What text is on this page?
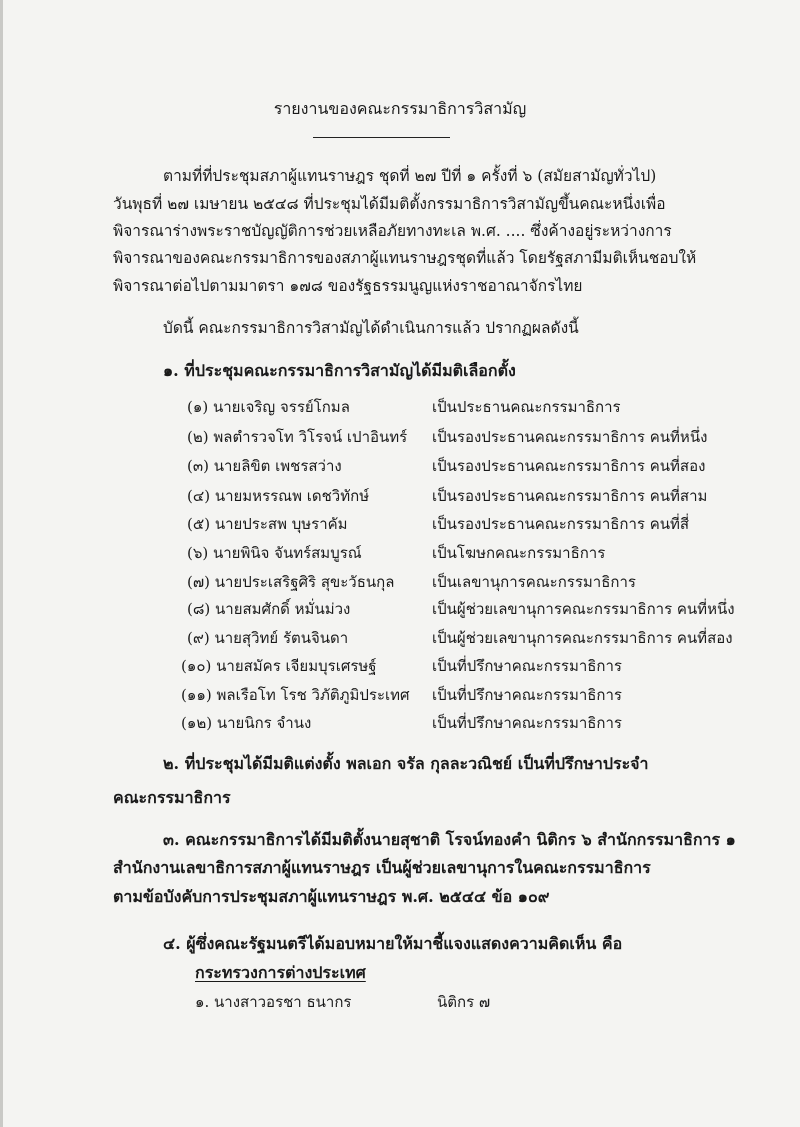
รายงานของคณะกรรมาธิการวิสามัญ
ตามที่ที่ประชุมสภาผู้แทนราษฎร ชุดที่ ๒๗ ปีที่ ๑ ครั้งที่ ๖ (สมัยสามัญทั่วไป)
วันพุธที่ ๒๗ เมษายน ๒๕๔๘ ที่ประชุมได้มีมติตั้งกรรมาธิการวิสามัญขึ้นคณะหนึ่งเพื่อ
พิจารณาร่างพระราชบัญญัติการช่วยเหลือภัยทางทะเล พ.ศ. .... ซึ่งค้างอยู่ระหว่างการ
พิจารณาของคณะกรรมาธิการของสภาผู้แทนราษฎรชุดที่แล้ว โดยรัฐสภามีมติเห็นชอบให้
พิจารณาต่อไปตามมาตรา ๑๗๘ ของรัฐธรรมนูญแห่งราชอาณาจักรไทย
บัดนี้ คณะกรรมาธิการวิสามัญได้ดำเนินการแล้ว ปรากฏผลดังนี้
๑. ที่ประชุมคณะกรรมาธิการวิสามัญได้มีมติเลือกตั้ง
(๑) นายเจริญ จรรย์โกมล	เป็นประธานคณะกรรมาธิการ
(๒) พลตำรวจโท วิโรจน์ เปาอินทร์ เป็นรองประธานคณะกรรมาธิการ คนที่หนึ่ง
(๓) นายลิขิต เพชรสว่าง	เป็นรองประธานคณะกรรมาธิการ คนที่สอง
(๔) นายมหรรณพ เดชวิทักษ์	เป็นรองประธานคณะกรรมาธิการ คนที่สาม
(๕) นายประสพ บุษราคัม	เป็นรองประธานคณะกรรมาธิการ คนที่สี่
(๖) นายพินิจ จันทร์สมบูรณ์	เป็นโฆษกคณะกรรมาธิการ
(๗) นายประเสริฐศิริ สุขะวัธนกุล	เป็นเลขานุการคณะกรรมาธิการ
(๘) นายสมศักดิ์ หมั่นม่วง	เป็นผู้ช่วยเลขานุการคณะกรรมาธิการ คนที่หนึ่ง
(๙) นายสุวิทย์ รัตนจินดา	เป็นผู้ช่วยเลขานุการคณะกรรมาธิการ คนที่สอง
(๑๐) นายสมัคร เจียมบุรเศรษฐ์	เป็นที่ปรึกษาคณะกรรมาธิการ
(๑๑) พลเรือโท โรช วิภัติภูมิประเทศ เป็นที่ปรึกษาคณะกรรมาธิการ
(๑๒) นายนิกร จำนง	เป็นที่ปรึกษาคณะกรรมาธิการ
๒. ที่ประชุมได้มีมติแต่งตั้ง พลเอก จรัล กุลละวณิชย์ เป็นที่ปรึกษาประจำ
คณะกรรมาธิการ
๓. คณะกรรมาธิการได้มีมติตั้งนายสุชาติ โรจน์ทองคำ นิติกร ๖ สำนักกรรมาธิการ ๑
สำนักงานเลขาธิการสภาผู้แทนราษฎร เป็นผู้ช่วยเลขานุการในคณะกรรมาธิการ
ตามข้อบังคับการประชุมสภาผู้แทนราษฎร พ.ศ. ๒๕๔๔ ข้อ ๑๐๙
๔. ผู้ซึ่งคณะรัฐมนตรีได้มอบหมายให้มาชี้แจงแสดงความคิดเห็น คือ
กระทรวงการต่างประเทศ
๑. นางสาวอรชา ธนากร	นิติกร ๗
